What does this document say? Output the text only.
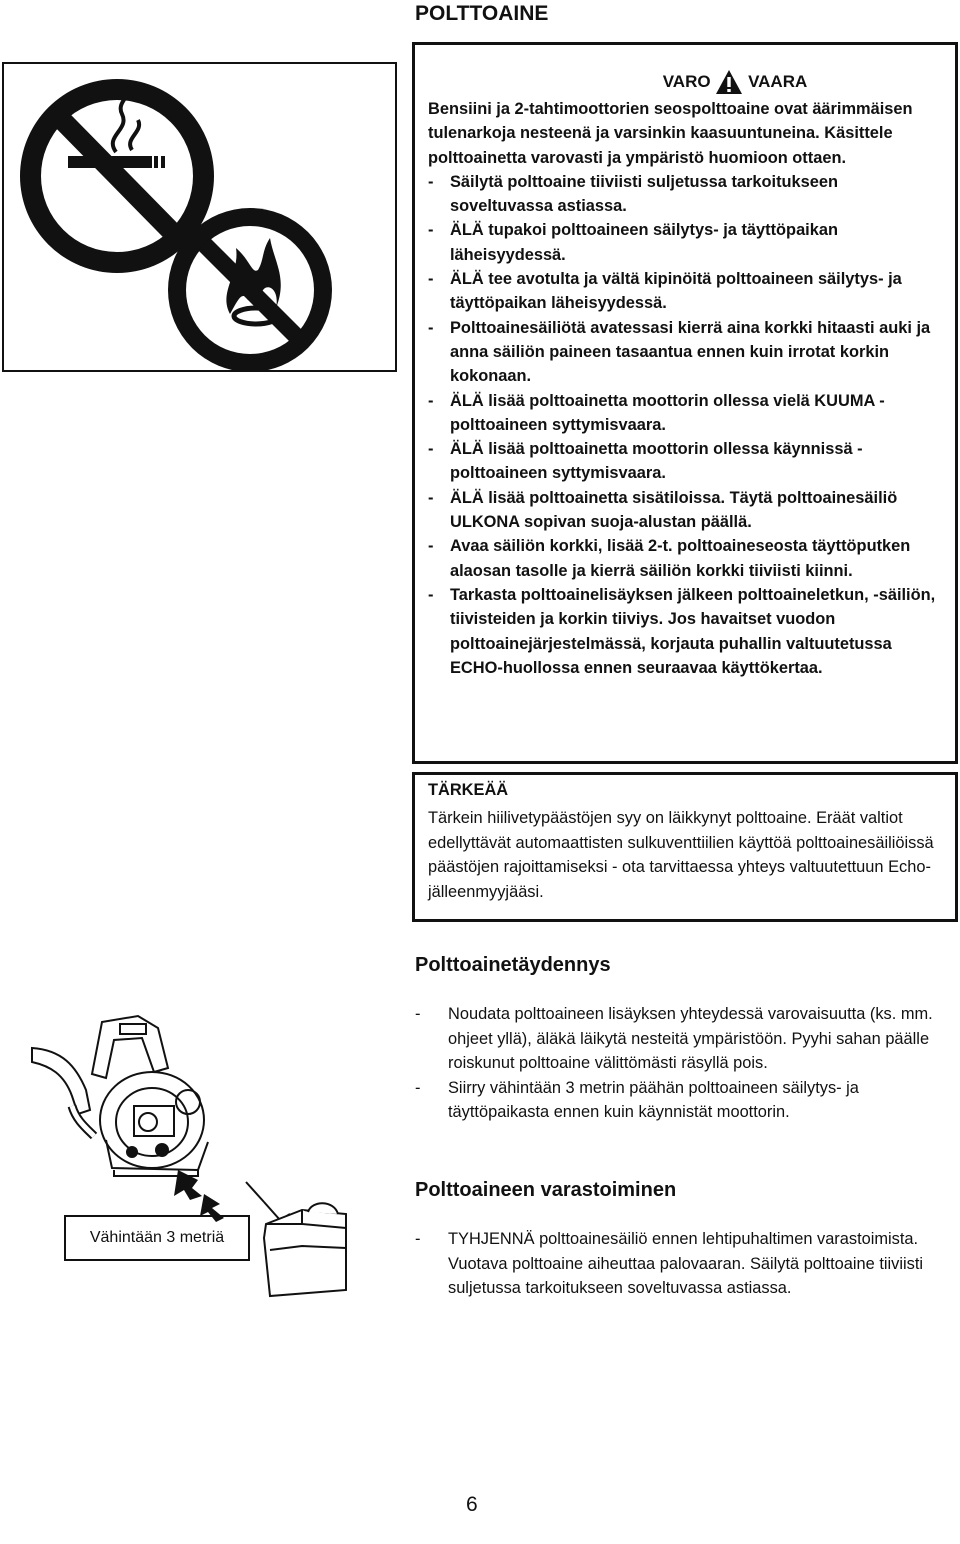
POLTTOAINE
VARO VAARA

Bensiini ja 2-tahtimoottorien seospolttoaine ovat äärimmäisen tulenarkoja nesteenä ja varsinkin kaasuuntuneina. Käsittele polttoainetta varovasti ja ympäristö huomioon ottaen.

-	Säilytä polttoaine tiiviisti suljetussa tarkoitukseen soveltuvassa astiassa.
-	ÄLÄ tupakoi polttoaineen säilytys- ja täyttöpaikan läheisyydessä.
-	ÄLÄ tee avotulta ja vältä kipinöitä polttoaineen säilytys- ja täyttöpaikan läheisyydessä.
-	Polttoainesäiliötä avatessasi kierrä aina korkki hitaasti auki ja anna säiliön paineen tasaantua ennen kuin irrotat korkin kokonaan.
-	ÄLÄ lisää polttoainetta moottorin ollessa vielä KUUMA - polttoaineen syttymisvaara.
-	ÄLÄ lisää polttoainetta moottorin ollessa käynnissä - polttoaineen syttymisvaara.
-	ÄLÄ lisää polttoainetta sisätiloissa. Täytä polttoainesäiliö ULKONA sopivan suoja-alustan päällä.
-	Avaa säiliön korkki, lisää 2-t. polttoaineseosta täyttöputken alaosan tasolle ja kierrä säiliön korkki tiiviisti kiinni.
-	Tarkasta polttoainelisäyksen jälkeen polttoaineletkun, -säiliön, tiivisteiden ja korkin tiiviys. Jos havaitset vuodon polttoainejärjestelmässä, korjauta puhallin valtuutetussa ECHO-huollossa ennen seuraavaa käyttökertaa.
TÄRKEÄÄ
Tärkein hiilivetypäästöjen syy on läikkynyt polttoaine. Eräät valtiot edellyttävät automaattisten sulkuventtiilien käyttöä polttoainesäiliöissä päästöjen rajoittamiseksi - ota tarvittaessa yhteys valtuutettuun Echo-jälleenmyyjääsi.
Polttoainetäydennys
-	Noudata polttoaineen lisäyksen yhteydessä varovaisuutta (ks. mm. ohjeet yllä), äläkä läikytä nesteitä ympäristöön. Pyyhi sahan päälle roiskunut polttoaine välittömästi räsyllä pois.
-	Siirry vähintään 3 metrin päähän polttoaineen säilytys- ja täyttöpaikasta ennen kuin käynnistät moottorin.
Polttoaineen varastoiminen
-	TYHJENNÄ polttoainesäiliö ennen lehtipuhaltimen varastoimista. Vuotava polttoaine aiheuttaa palovaaran. Säilytä polttoaine tiiviisti suljetussa tarkoitukseen soveltuvassa astiassa.
Vähintään 3 metriä
6
